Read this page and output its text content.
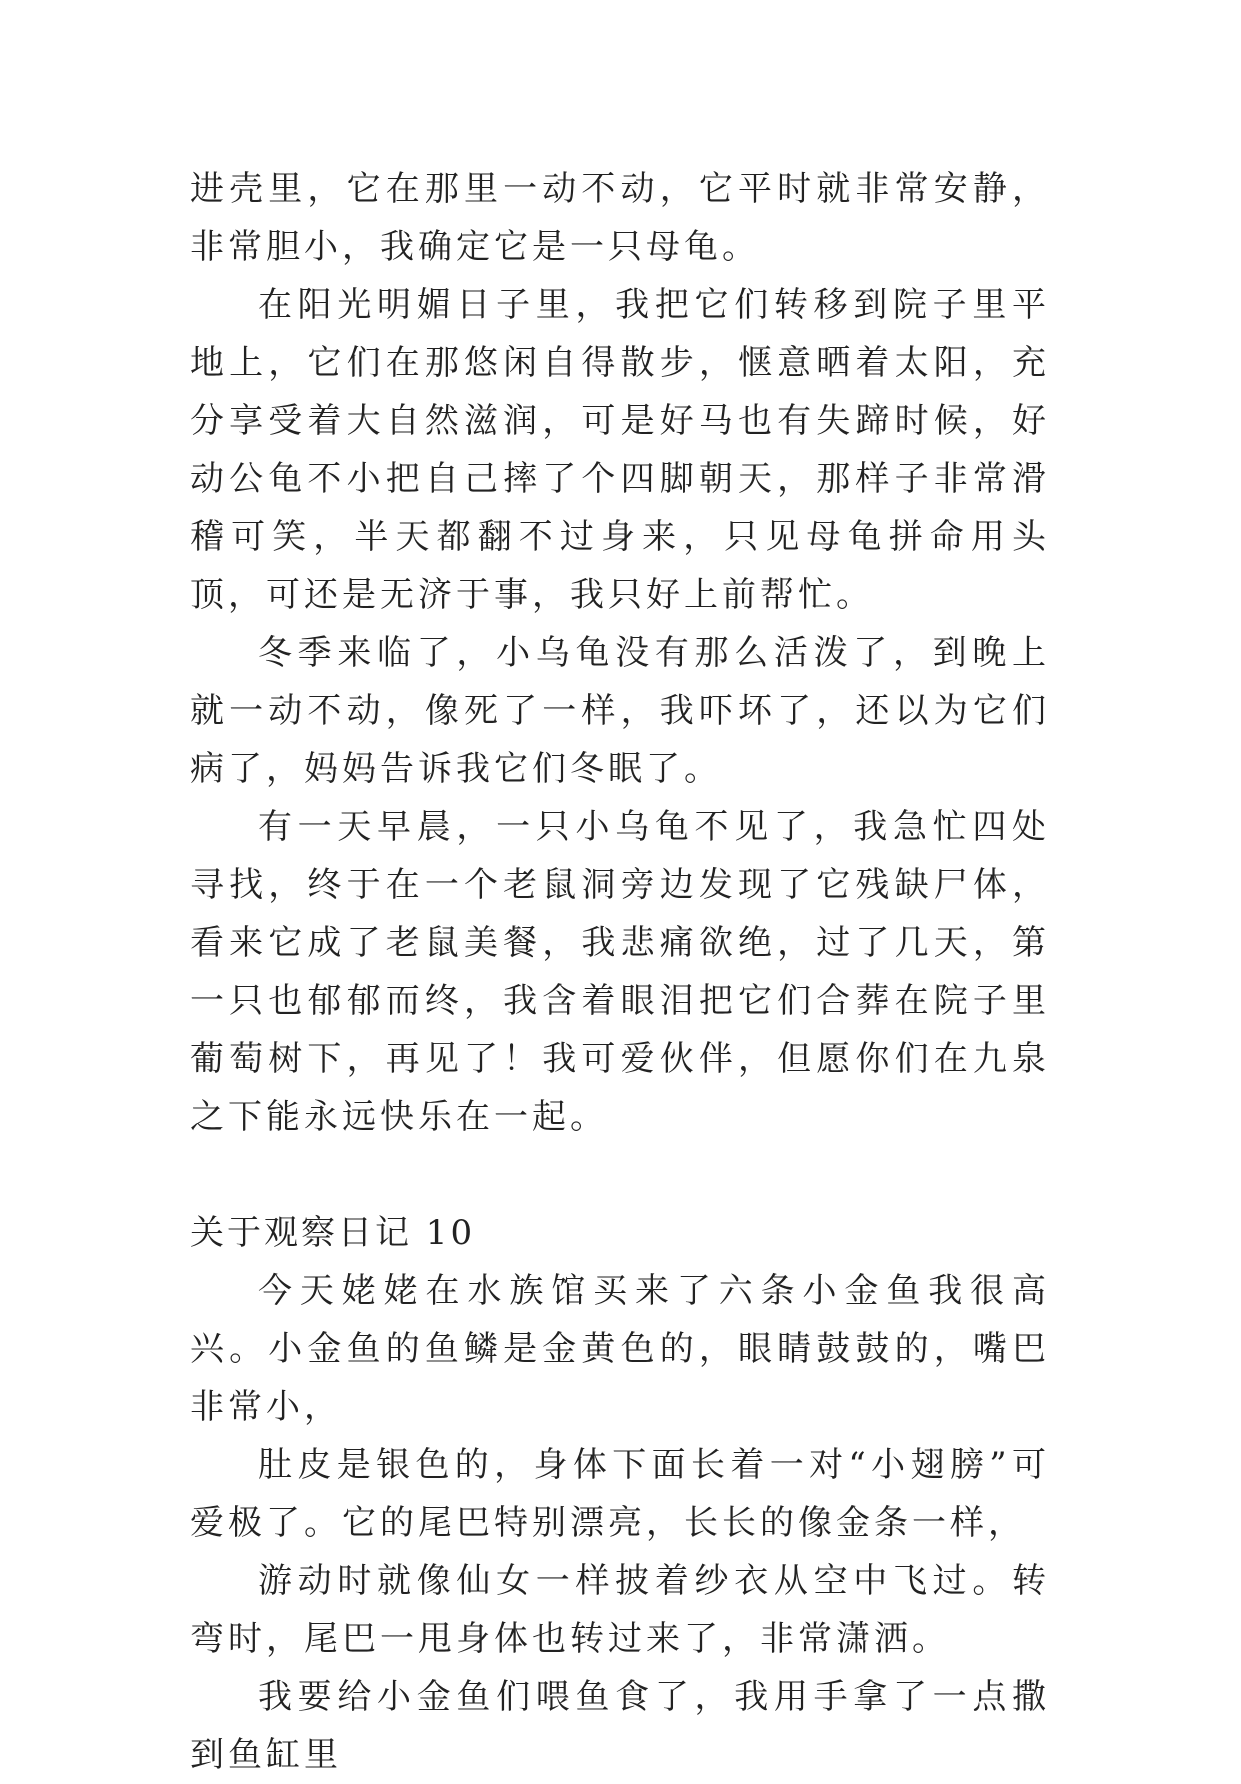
进壳里，它在那里一动不动，它平时就非常安静，非常胆小，我确定它是一只母龟。

在阳光明媚日子里，我把它们转移到院子里平地上，它们在那悠闲自得散步，惬意晒着太阳，充分享受着大自然滋润，可是好马也有失蹄时候，好动公龟不小把自己摔了个四脚朝天，那样子非常滑稽可笑，半天都翻不过身来，只见母龟拼命用头顶，可还是无济于事，我只好上前帮忙。

冬季来临了，小乌龟没有那么活泼了，到晚上就一动不动，像死了一样，我吓坏了，还以为它们病了，妈妈告诉我它们冬眠了。

有一天早晨，一只小乌龟不见了，我急忙四处寻找，终于在一个老鼠洞旁边发现了它残缺尸体，看来它成了老鼠美餐，我悲痛欲绝，过了几天，第一只也郁郁而终，我含着眼泪把它们合葬在院子里葡萄树下，再见了！我可爱伙伴，但愿你们在九泉之下能永远快乐在一起。

关于观察日记 10

今天姥姥在水族馆买来了六条小金鱼我很高兴。小金鱼的鱼鳞是金黄色的，眼睛鼓鼓的，嘴巴非常小，

肚皮是银色的，身体下面长着一对“小翅膀”可爱极了。它的尾巴特别漂亮，长长的像金条一样，

游动时就像仙女一样披着纱衣从空中飞过。转弯时，尾巴一甩身体也转过来了，非常潇洒。

我要给小金鱼们喂鱼食了，我用手拿了一点撒到鱼缸里
